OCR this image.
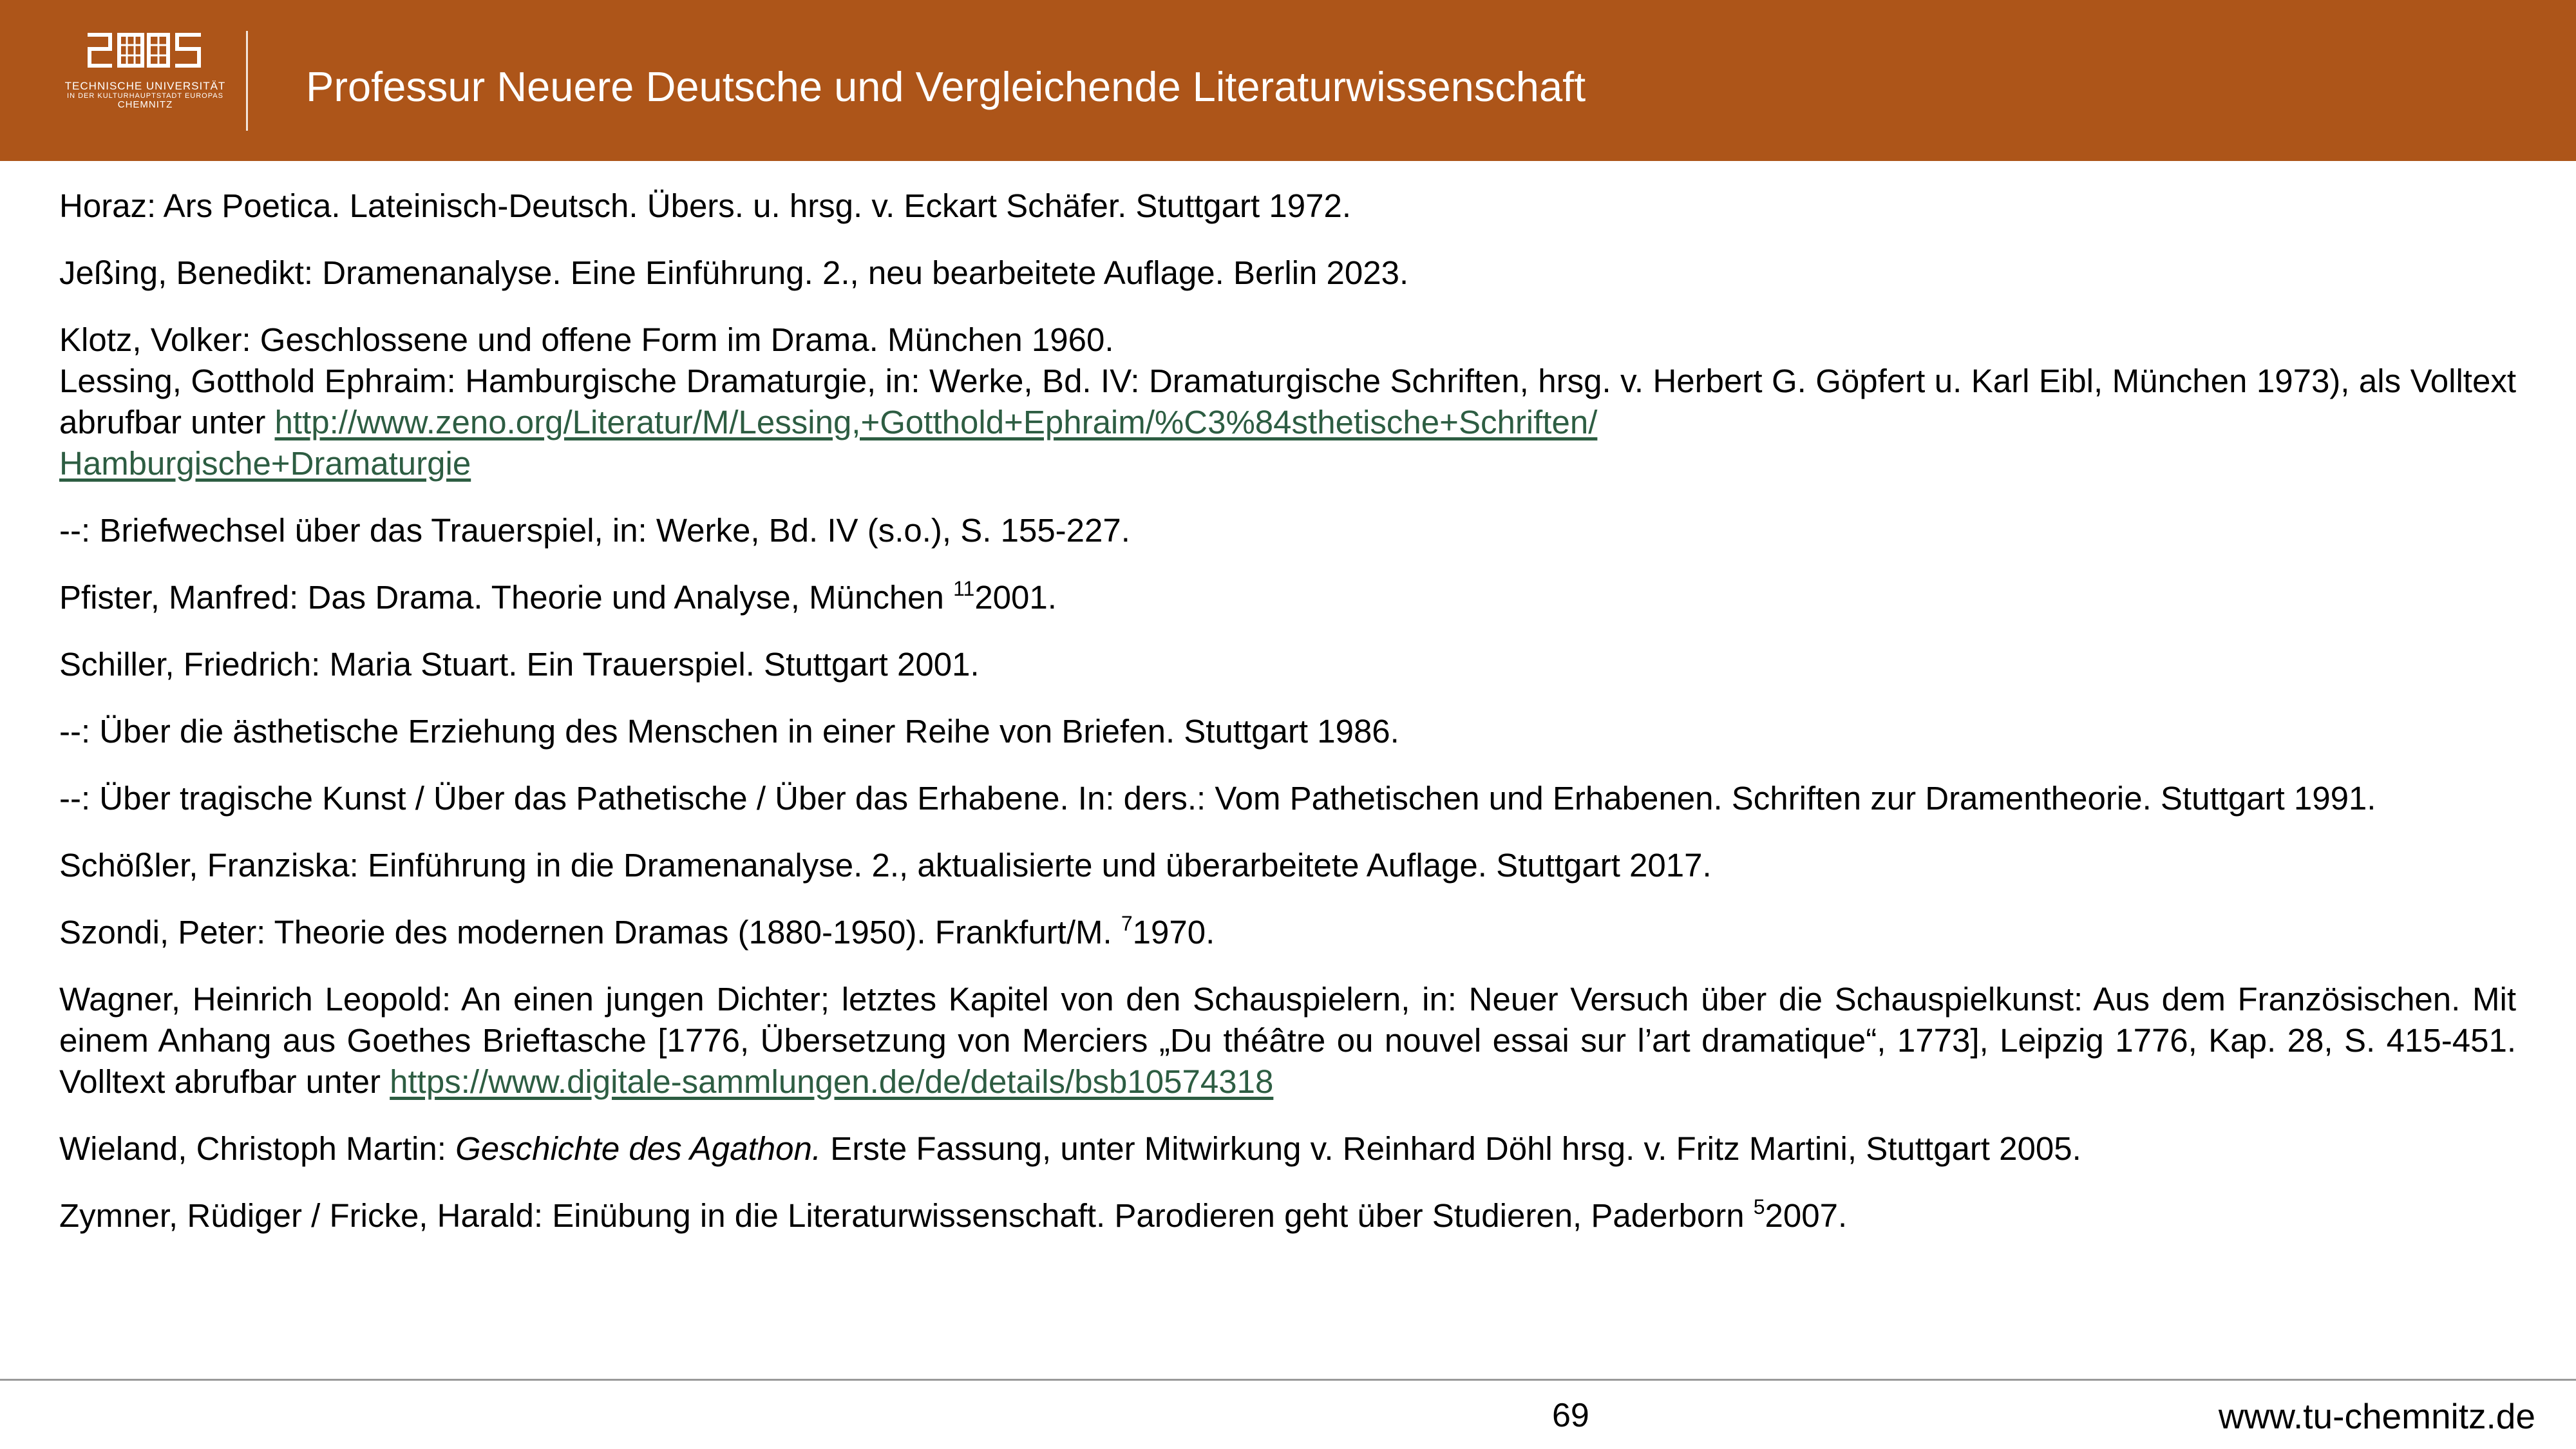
TECHNISCHE UNIVERSITÄT
IN DER KULTURHAUPTSTADT EUROPAS
CHEMNITZ	Professur Neuere Deutsche und Vergleichende Literaturwissenschaft

Horaz: Ars Poetica. Lateinisch-Deutsch. Übers. u. hrsg. v. Eckart Schäfer. Stuttgart 1972.

Jeßing, Benedikt: Dramenanalyse. Eine Einführung. 2., neu bearbeitete Auflage. Berlin 2023.

Klotz, Volker: Geschlossene und offene Form im Drama. München 1960.

Lessing, Gotthold Ephraim: Hamburgische Dramaturgie, in: Werke, Bd. IV: Dramaturgische Schriften, hrsg. v. Herbert G. Göpfert u. Karl Eibl, München 1973), als Volltext abrufbar unter http://www.zeno.org/Literatur/M/Lessing,+Gotthold+Ephraim/%C3%84sthetische+Schriften/
Hamburgische+Dramaturgie

--: Briefwechsel über das Trauerspiel, in: Werke, Bd. IV (s.o.), S. 155-227.

Pfister, Manfred: Das Drama. Theorie und Analyse, München $^{11}$2001.

Schiller, Friedrich: Maria Stuart. Ein Trauerspiel. Stuttgart 2001.

--: Über die ästhetische Erziehung des Menschen in einer Reihe von Briefen. Stuttgart 1986.

--: Über tragische Kunst / Über das Pathetische / Über das Erhabene. In: ders.: Vom Pathetischen und Erhabenen. Schriften zur Dramentheorie. Stuttgart 1991.

Schößler, Franziska: Einführung in die Dramenanalyse. 2., aktualisierte und überarbeitete Auflage. Stuttgart 2017.

Szondi, Peter: Theorie des modernen Dramas (1880-1950). Frankfurt/M. $^7$1970.

Wagner, Heinrich Leopold: An einen jungen Dichter; letztes Kapitel von den Schauspielern, in: Neuer Versuch über die Schauspielkunst: Aus dem Französischen. Mit einem Anhang aus Goethes Brieftasche [1776, Übersetzung von Merciers „Du théâtre ou nouvel essai sur l’art dramatique“, 1773], Leipzig 1776, Kap. 28, S. 415-451. Volltext abrufbar unter https://www.digitale-sammlungen.de/de/details/bsb10574318

Wieland, Christoph Martin: Geschichte des Agathon. Erste Fassung, unter Mitwirkung v. Reinhard Döhl hrsg. v. Fritz Martini, Stuttgart 2005.

Zymner, Rüdiger / Fricke, Harald: Einübung in die Literaturwissenschaft. Parodieren geht über Studieren, Paderborn $^5$2007.

69	www.tu-chemnitz.de
